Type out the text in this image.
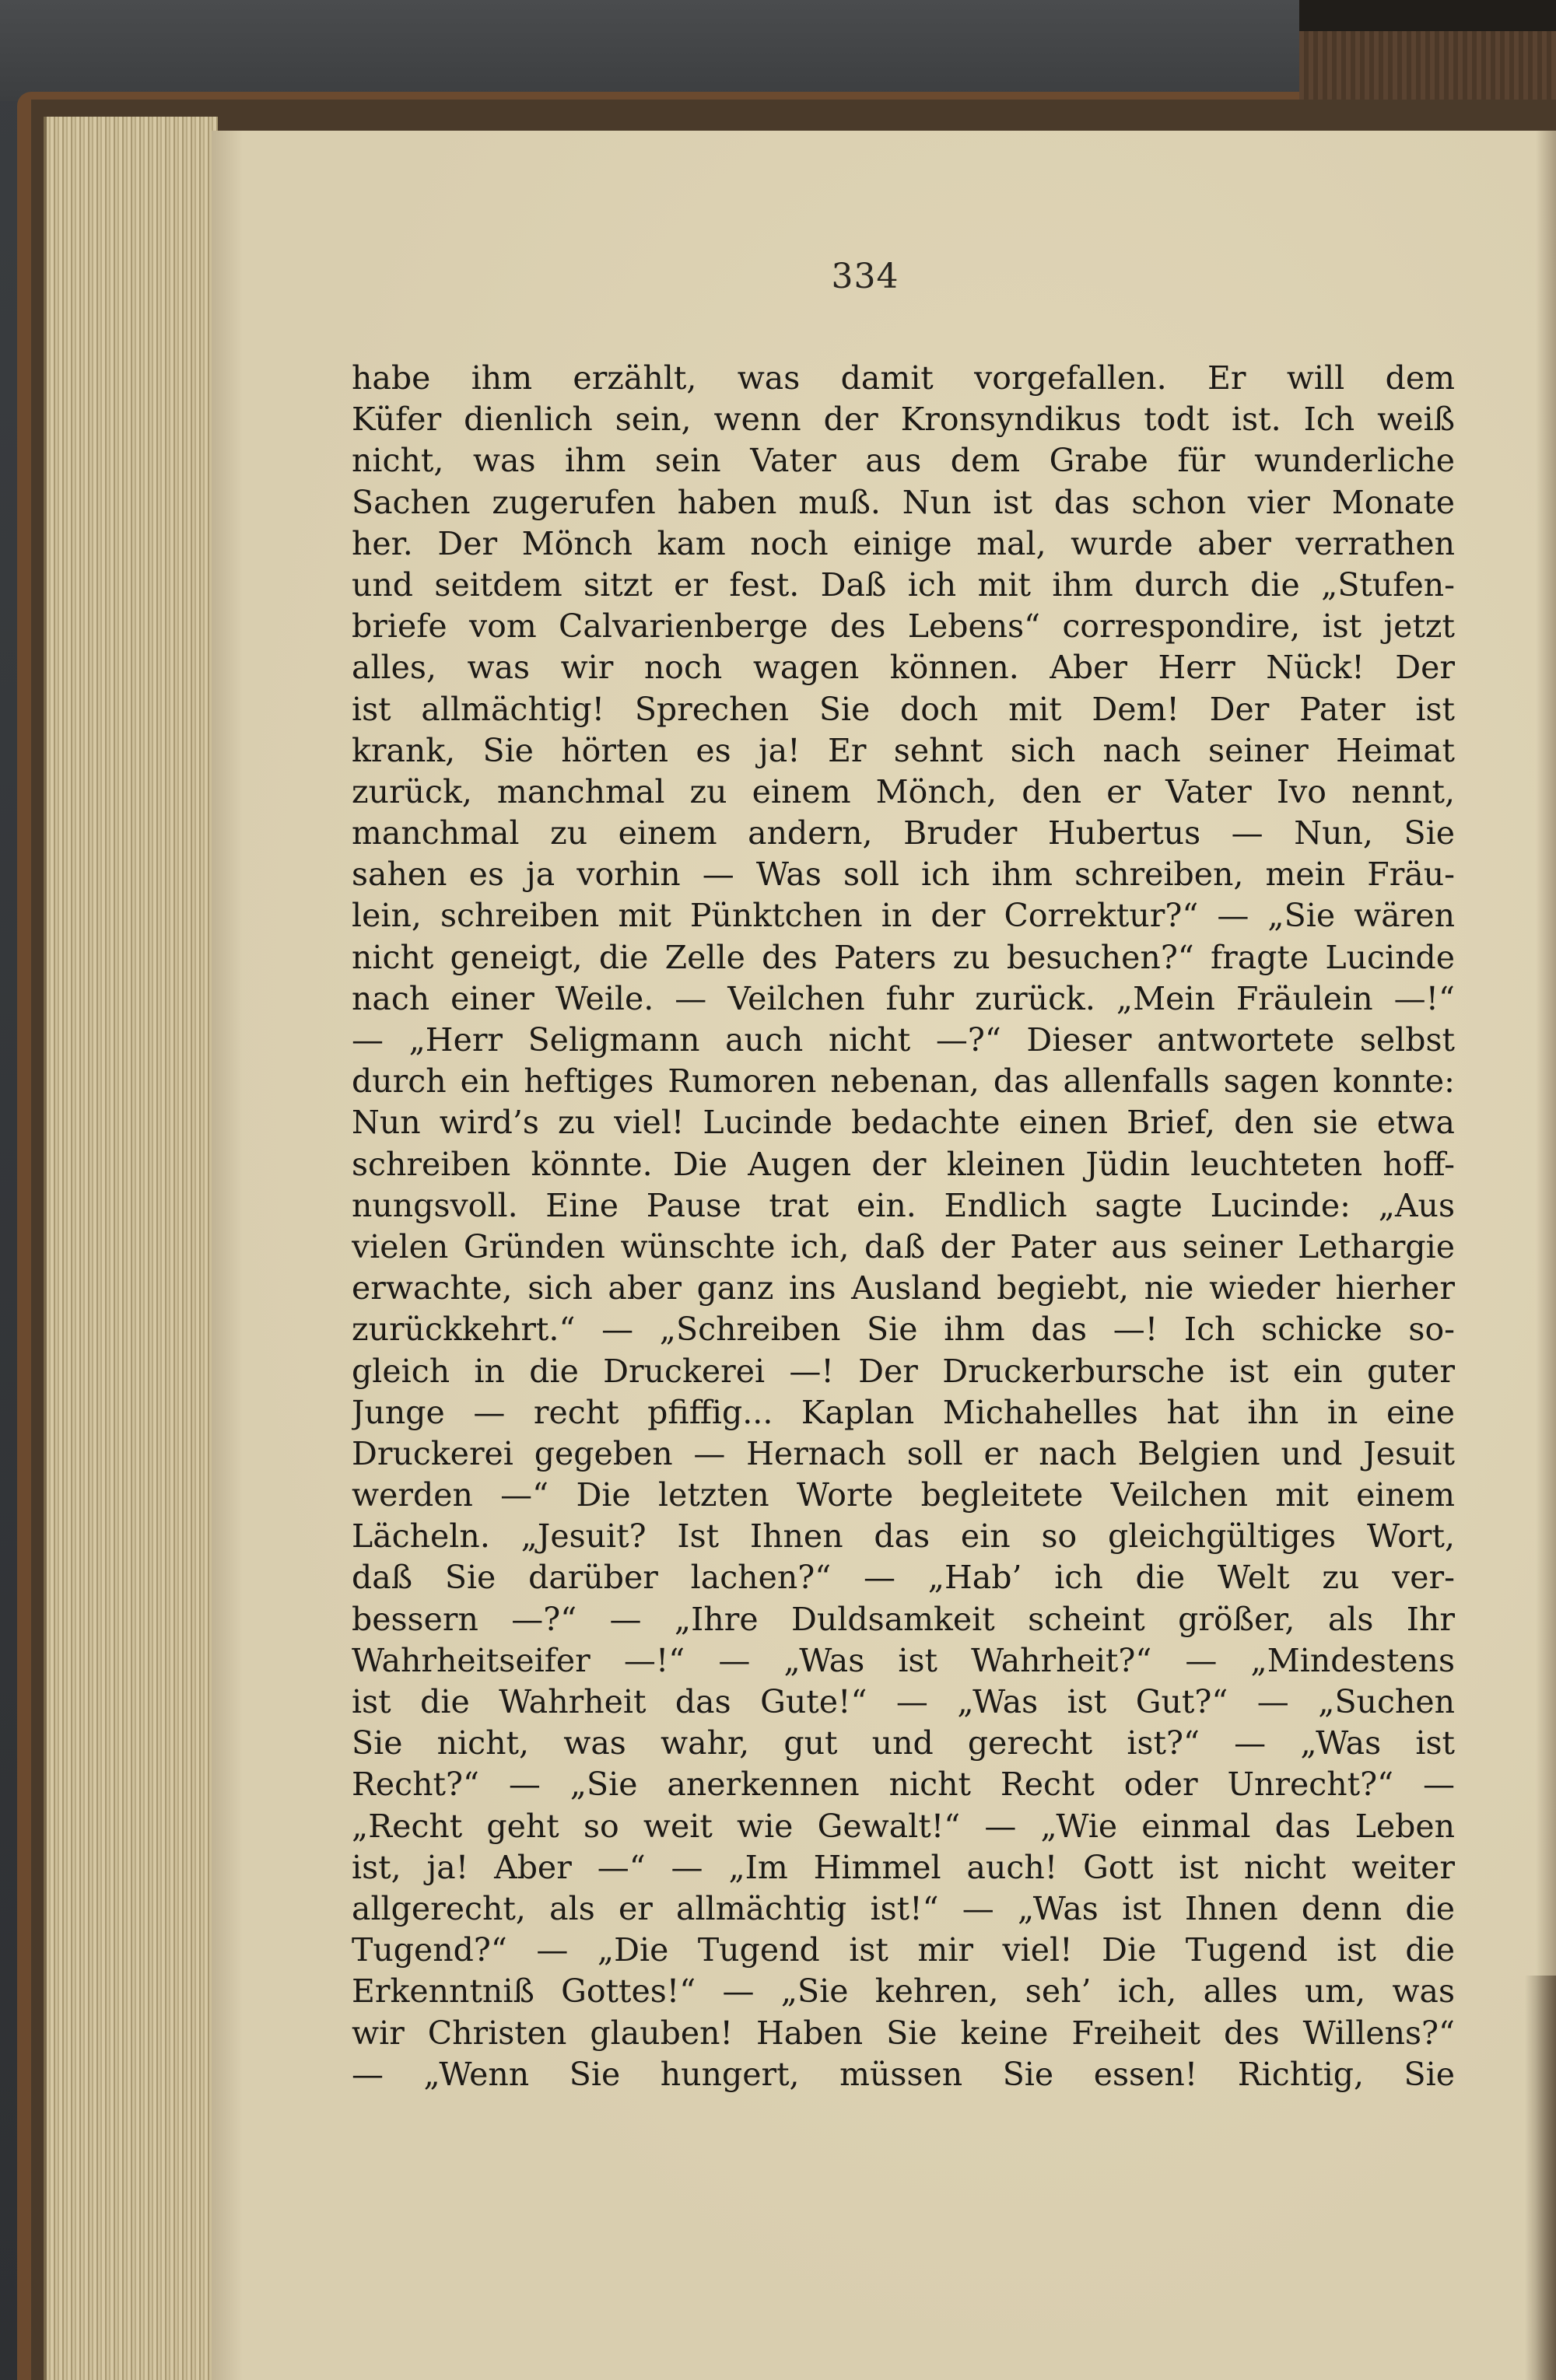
334
habe ihm erzählt, was damit vorgefallen. Er will dem
Küfer dienlich sein, wenn der Kronsyndikus todt ist. Ich weiß
nicht, was ihm sein Vater aus dem Grabe für wunderliche
Sachen zugerufen haben muß. Nun ist das schon vier Monate
her. Der Mönch kam noch einige mal, wurde aber verrathen
und seitdem sitzt er fest. Daß ich mit ihm durch die „Stufen-
briefe vom Calvarienberge des Lebens“ correspondire, ist jetzt
alles, was wir noch wagen können. Aber Herr Nück! Der
ist allmächtig! Sprechen Sie doch mit Dem! Der Pater ist
krank, Sie hörten es ja! Er sehnt sich nach seiner Heimat
zurück, manchmal zu einem Mönch, den er Vater Ivo nennt,
manchmal zu einem andern, Bruder Hubertus — Nun, Sie
sahen es ja vorhin — Was soll ich ihm schreiben, mein Fräu-
lein, schreiben mit Pünktchen in der Correktur?“ — „Sie wären
nicht geneigt, die Zelle des Paters zu besuchen?“ fragte Lucinde
nach einer Weile. — Veilchen fuhr zurück. „Mein Fräulein —!“
— „Herr Seligmann auch nicht —?“ Dieser antwortete selbst
durch ein heftiges Rumoren nebenan, das allenfalls sagen konnte:
Nun wird’s zu viel! Lucinde bedachte einen Brief, den sie etwa
schreiben könnte. Die Augen der kleinen Jüdin leuchteten hoff-
nungsvoll. Eine Pause trat ein. Endlich sagte Lucinde: „Aus
vielen Gründen wünschte ich, daß der Pater aus seiner Lethargie
erwachte, sich aber ganz ins Ausland begiebt, nie wieder hierher
zurückkehrt.“ — „Schreiben Sie ihm das —! Ich schicke so-
gleich in die Druckerei —! Der Druckerbursche ist ein guter
Junge — recht pfiffig... Kaplan Michahelles hat ihn in eine
Druckerei gegeben — Hernach soll er nach Belgien und Jesuit
werden —“ Die letzten Worte begleitete Veilchen mit einem
Lächeln. „Jesuit? Ist Ihnen das ein so gleichgültiges Wort,
daß Sie darüber lachen?“ — „Hab’ ich die Welt zu ver-
bessern —?“ — „Ihre Duldsamkeit scheint größer, als Ihr
Wahrheitseifer —!“ — „Was ist Wahrheit?“ — „Mindestens
ist die Wahrheit das Gute!“ — „Was ist Gut?“ — „Suchen
Sie nicht, was wahr, gut und gerecht ist?“ — „Was ist
Recht?“ — „Sie anerkennen nicht Recht oder Unrecht?“ —
„Recht geht so weit wie Gewalt!“ — „Wie einmal das Leben
ist, ja! Aber —“ — „Im Himmel auch! Gott ist nicht weiter
allgerecht, als er allmächtig ist!“ — „Was ist Ihnen denn die
Tugend?“ — „Die Tugend ist mir viel! Die Tugend ist die
Erkenntniß Gottes!“ — „Sie kehren, seh’ ich, alles um, was
wir Christen glauben! Haben Sie keine Freiheit des Willens?“
— „Wenn Sie hungert, müssen Sie essen! Richtig, Sie
